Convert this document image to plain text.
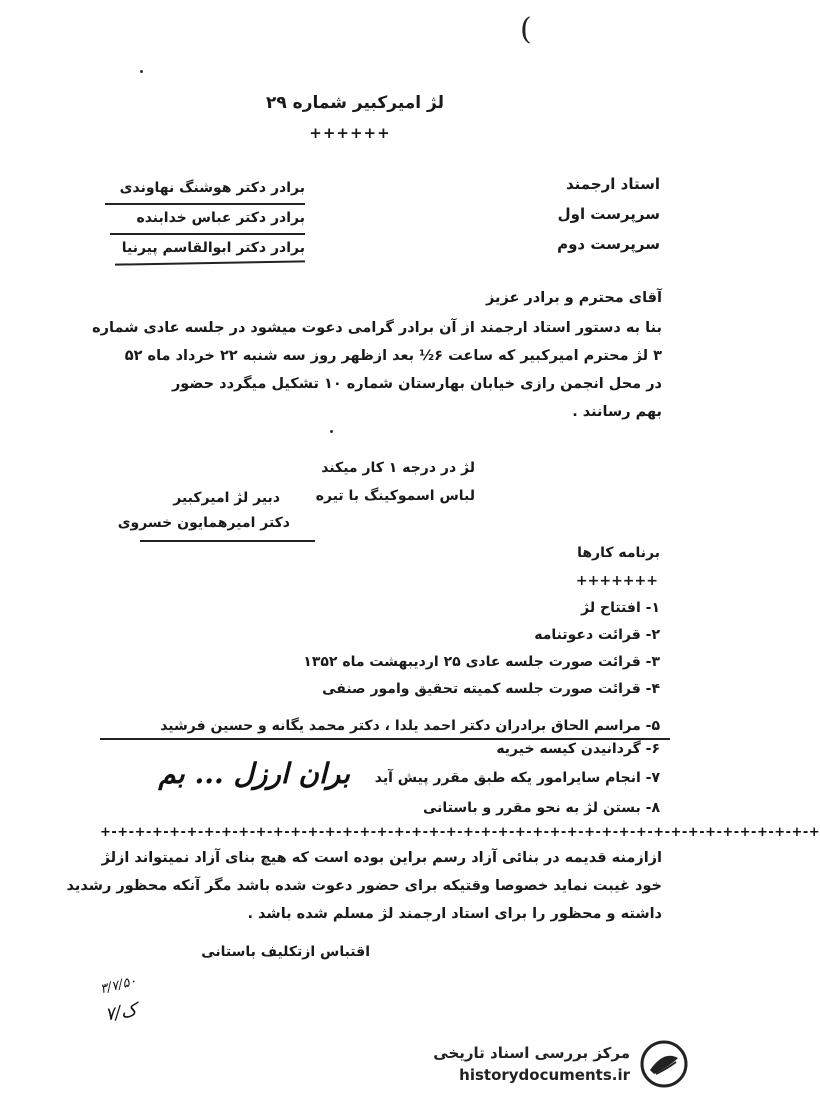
(
لژ امیرکبیر شماره ۲۹
++++++
استاد ارجمند
سرپرست اول
سرپرست دوم
برادر دکتر هوشنگ نهاوندی
برادر دکتر عباس خدابنده
برادر دکتر ابوالقاسم پیرنیا
آقای محترم و برادر عزیز
بنا به دستور استاد ارجمند از آن برادر گرامی دعوت میشود در جلسه عادی شماره
۳ لژ محترم امیرکبیر که ساعت ۶½ بعد ازظهر روز سه شنبه ۲۲ خرداد ماه ۵۲
در محل انجمن رازی خیابان بهارستان شماره ۱۰ تشکیل میگردد حضور
بهم رسانند .
لژ در درجه ۱ کار میکند
لباس اسموکینگ با تیره
دبیر لژ امیرکبیر
دکتر امیرهمایون خسروی
برنامه کارها
+++++++
۱- افتتاح لژ
۲- قرائت دعوتنامه
۳- قرائت صورت جلسه عادی ۲۵ اردیبهشت ماه ۱۳۵۲
۴- قرائت صورت جلسه کمیته تحقیق وامور صنفی
۵- مراسم الحاق برادران دکتر احمد یلدا ، دکتر محمد یگانه و حسین فرشید
۶- گردانیدن کیسه خیریه
۷- انجام سایرامور یکه طبق مقرر پیش آید
بران ارزل ... بم
۸- بستن لژ به نحو مقرر و باستانی
+-+-+-+-+-+-+-+-+-+-+-+-+-+-+-+-+-+-+-+-+-+-+-+-+-+-+-+-+-+-+-+-+-+-+-+-+-+-+-+-+-+
ازازمنه قدیمه در بنائی آزاد رسم براین بوده است که هیچ بنای آزاد نمیتواند ازلژ
خود غیبت نماید خصوصا وقتیکه برای حضور دعوت شده باشد مگر آنکه محظور رشدید
داشته و محظور را برای استاد ارجمند لژ مسلم شده باشد .
اقتباس ازتکلیف باستانی
۳/۷/۵۰
۷/ک
مرکز بررسی اسناد تاریخی
historydocuments.ir
